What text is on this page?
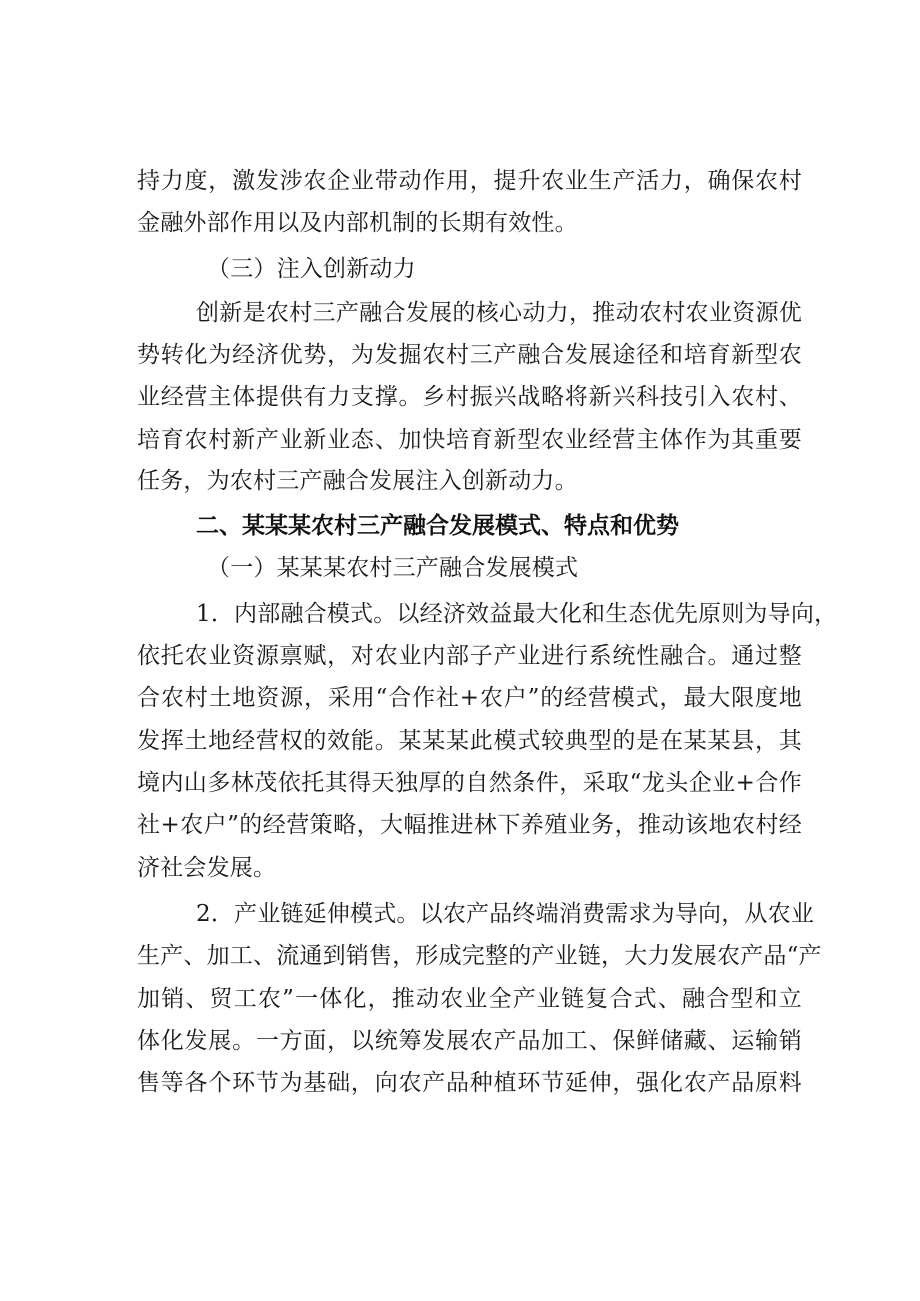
持力度，激发涉农企业带动作用，提升农业生产活力，确保农村
金融外部作用以及内部机制的长期有效性。
（三）注入创新动力
创新是农村三产融合发展的核心动力，推动农村农业资源优
势转化为经济优势，为发掘农村三产融合发展途径和培育新型农
业经营主体提供有力支撑。乡村振兴战略将新兴科技引入农村、
培育农村新产业新业态、加快培育新型农业经营主体作为其重要
任务，为农村三产融合发展注入创新动力。
二、某某某农村三产融合发展模式、特点和优势
（一）某某某农村三产融合发展模式
1．内部融合模式。以经济效益最大化和生态优先原则为导向，
依托农业资源禀赋，对农业内部子产业进行系统性融合。通过整
合农村土地资源，采用“合作社+农户”的经营模式，最大限度地
发挥土地经营权的效能。某某某此模式较典型的是在某某县，其
境内山多林茂依托其得天独厚的自然条件，采取“龙头企业+合作
社+农户”的经营策略，大幅推进林下养殖业务，推动该地农村经
济社会发展。
2．产业链延伸模式。以农产品终端消费需求为导向，从农业
生产、加工、流通到销售，形成完整的产业链，大力发展农产品“产
加销、贸工农”一体化，推动农业全产业链复合式、融合型和立
体化发展。一方面，以统筹发展农产品加工、保鲜储藏、运输销
售等各个环节为基础，向农产品种植环节延伸，强化农产品原料
